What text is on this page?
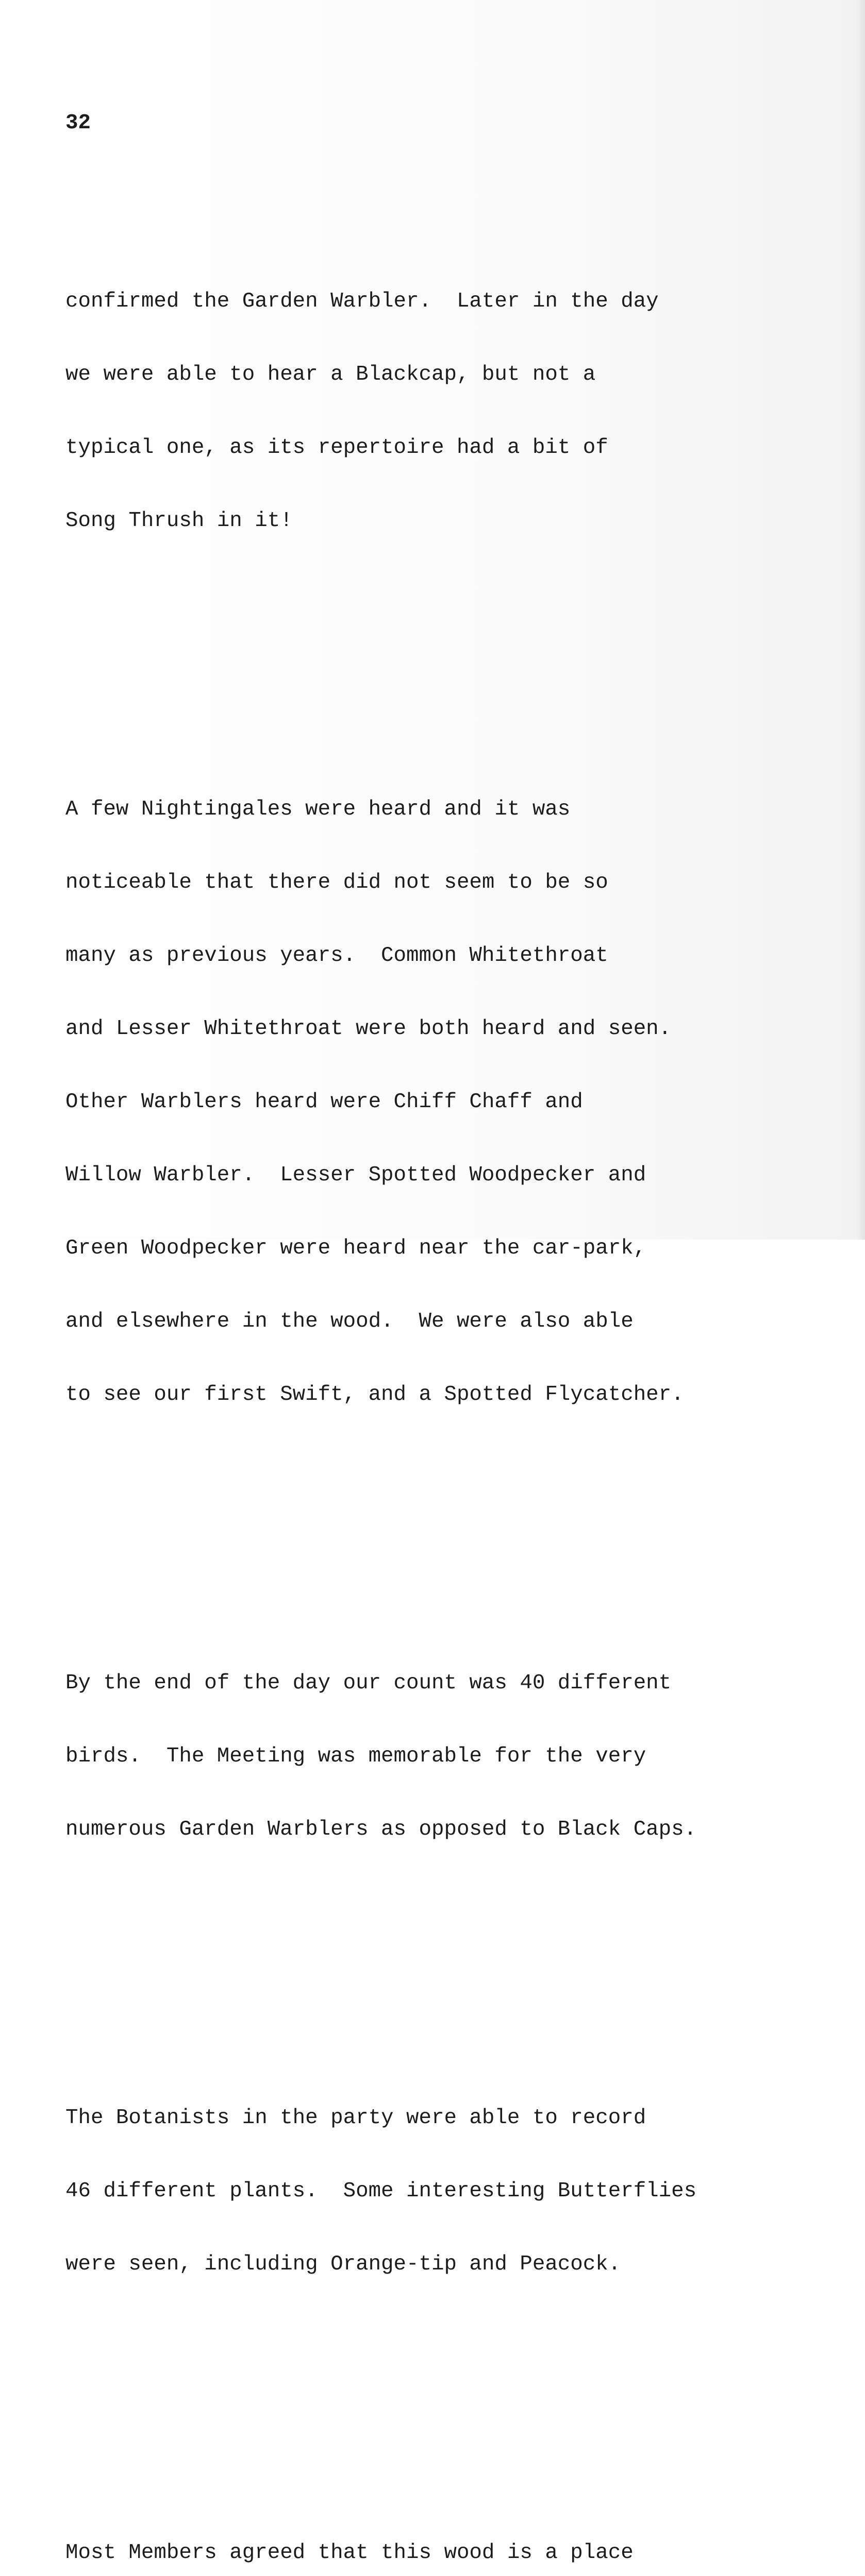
32

confirmed the Garden Warbler.  Later in the day

we were able to hear a Blackcap, but not a

typical one, as its repertoire had a bit of

Song Thrush in it!

A few Nightingales were heard and it was

noticeable that there did not seem to be so

many as previous years.  Common Whitethroat

and Lesser Whitethroat were both heard and seen.

Other Warblers heard were Chiff Chaff and

Willow Warbler.  Lesser Spotted Woodpecker and

Green Woodpecker were heard near the car-park,

and elsewhere in the wood.  We were also able

to see our first Swift, and a Spotted Flycatcher.

By the end of the day our count was 40 different

birds.  The Meeting was memorable for the very

numerous Garden Warblers as opposed to Black Caps.

The Botanists in the party were able to record

46 different plants.  Some interesting Butterflies

were seen, including Orange-tip and Peacock.

Most Members agreed that this wood is a place
